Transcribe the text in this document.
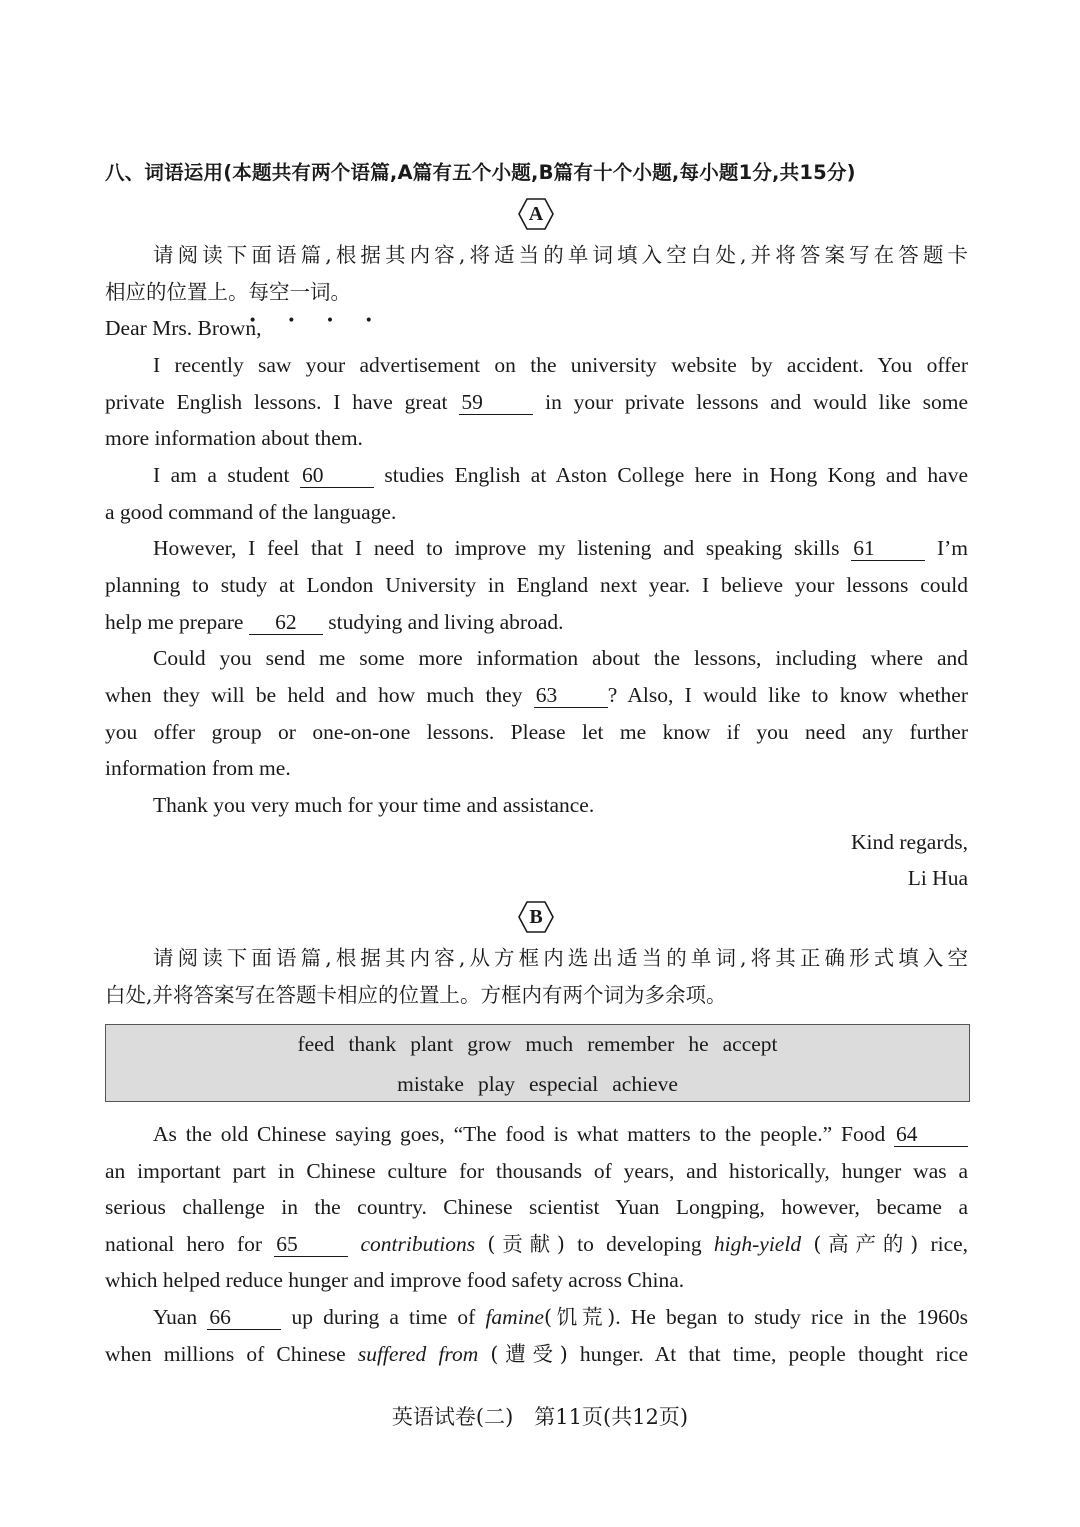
八、词语运用(本题共有两个语篇,A篇有五个小题,B篇有十个小题,每小题1分,共15分)
A
请阅读下面语篇,根据其内容,将适当的单词填入空白处,并将答案写在答题卡
相应的位置上。每空一词
• • • •
。
Dear Mrs. Brown,
I recently saw your advertisement on the university website by accident. You offer
private English lessons. I have great 59	in your private lessons and would like some
more information about them.
I am a student 60	studies English at Aston College here in Hong Kong and have
a good command of the language.
However, I feel that I need to improve my listening and speaking skills 61	I’m
planning to study at London University in England next year. I believe your lessons could
help me prepare 62 studying and living abroad.
Could you send me some more information about the lessons, including where and
when they will be held and how much they 63 ? Also, I would like to know whether
you offer group or one-on-one lessons. Please let me know if you need any further
information from me.
Thank you very much for your time and assistance.
Kind regards,
Li Hua
B
请阅读下面语篇,根据其内容,从方框内选出适当的单词,将其正确形式填入空
白处,并将答案写在答题卡相应的位置上。方框内有两个词为多余项。
feed thank plant grow much remember he accept
mistake play especial achieve
As the old Chinese saying goes, “The food is what matters to the people.” Food 64
an important part in Chinese culture for thousands of years, and historically, hunger was a
serious challenge in the country. Chinese scientist Yuan Longping, however, became a
national hero for 65	contributions (贡献) to developing high-yield (高产的) rice,
which helped reduce hunger and improve food safety across China.
Yuan 66	up during a time of famine(饥荒). He began to study rice in the 1960s
when millions of Chinese suffered from (遭受) hunger. At that time, people thought rice
英语试卷(二)　第11页(共12页)
